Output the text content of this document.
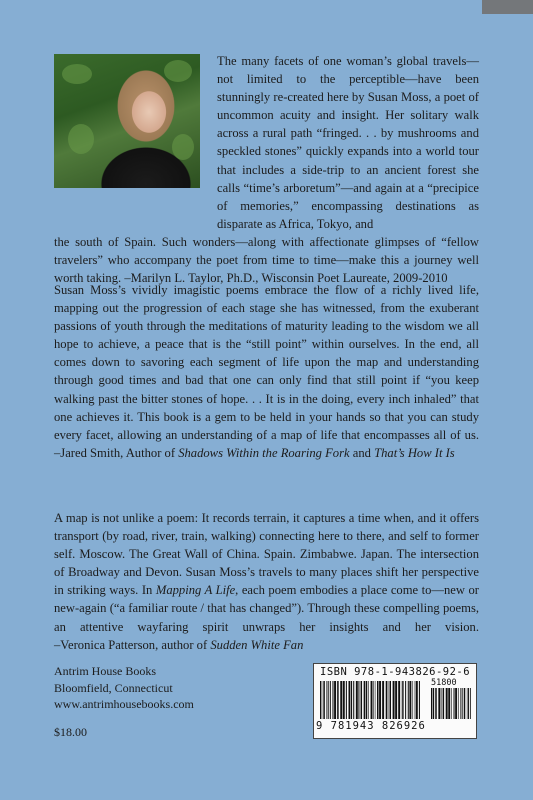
The many facets of one woman’s global travels—not limited to the perceptible—have been stunningly re-created here by Susan Moss, a poet of uncommon acuity and insight. Her solitary walk across a rural path “fringed. . . by mushrooms and speckled stones” quickly expands into a world tour that includes a side-trip to an ancient forest she calls “time’s arboretum”—and again at a “precipice of memories,” encompassing destinations as disparate as Africa, Tokyo, and
the south of Spain. Such wonders—along with affectionate glimpses of “fellow travelers” who accompany the poet from time to time—make this a journey well worth taking. –Marilyn L. Taylor, Ph.D., Wisconsin Poet Laureate, 2009-2010
Susan Moss’s vividly imagistic poems embrace the flow of a richly lived life, mapping out the progression of each stage she has witnessed, from the exuberant passions of youth through the meditations of maturity leading to the wisdom we all hope to achieve, a peace that is the “still point” within ourselves. In the end, all comes down to savoring each segment of life upon the map and understanding through good times and bad that one can only find that still point if “you keep walking past the bitter stones of hope. . . It is in the doing, every inch inhaled” that one achieves it. This book is a gem to be held in your hands so that you can study every facet, allowing an understanding of a map of life that encompasses all of us. –Jared Smith, Author of Shadows Within the Roaring Fork and That’s How It Is
A map is not unlike a poem: It records terrain, it captures a time when, and it offers transport (by road, river, train, walking) connecting here to there, and self to former self. Moscow. The Great Wall of China. Spain. Zimbabwe. Japan. The intersection of Broadway and Devon. Susan Moss’s travels to many places shift her perspective in striking ways. In Mapping A Life, each poem embodies a place come to—new or new-again (“a familiar route / that has changed”). Through these compelling poems, an attentive wayfaring spirit unwraps her insights and her vision. –Veronica Patterson, author of Sudden White Fan
Antrim House Books
Bloomfield, Connecticut
www.antrimhousebooks.com
$18.00
ISBN 978-1-943826-92-6
51800
9 781943 826926
